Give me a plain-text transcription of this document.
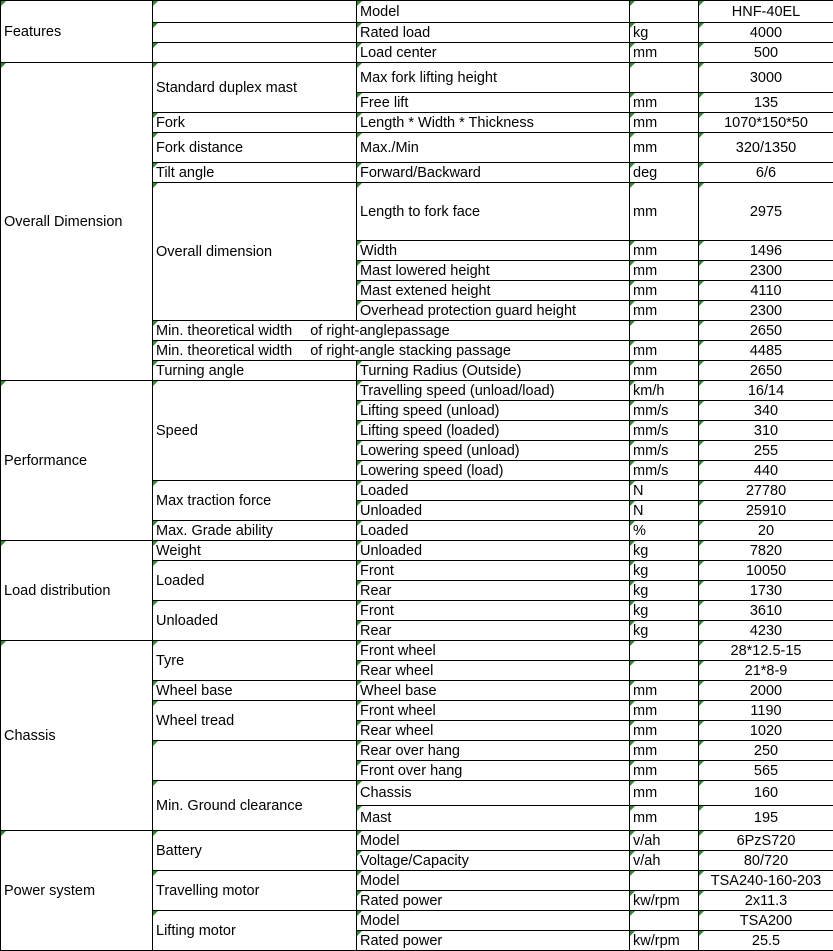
Features		Model		HNF-40EL
		Rated load	kg	4000
		Load center	mm	500
Overall Dimension	Standard duplex mast	Max fork lifting height		3000
		Free lift	mm	135
	Fork	Length * Width * Thickness	mm	1070*150*50
	Fork distance	Max./Min	mm	320/1350
	Tilt angle	Forward/Backward	deg	6/6
	Overall dimension	Length to fork face	mm	2975
		Width	mm	1496
		Mast lowered height	mm	2300
		Mast extened height	mm	4110
		Overhead protection guard height	mm	2300
	Min. theoretical width of right-anglepassage			2650
	Min. theoretical width of right-angle stacking passage		mm	4485
	Turning angle	Turning Radius (Outside)	mm	2650
Performance	Speed	Travelling speed (unload/load)	km/h	16/14
		Lifting speed (unload)	mm/s	340
		Lifting speed (loaded)	mm/s	310
		Lowering speed (unload)	mm/s	255
		Lowering speed (load)	mm/s	440
	Max traction force	Loaded	N	27780
		Unloaded	N	25910
	Max. Grade ability	Loaded	%	20
Load distribution	Weight	Unloaded	kg	7820
	Loaded	Front	kg	10050
		Rear	kg	1730
	Unloaded	Front	kg	3610
		Rear	kg	4230
Chassis	Tyre	Front wheel		28*12.5-15
		Rear wheel		21*8-9
	Wheel base	Wheel base	mm	2000
	Wheel tread	Front wheel	mm	1190
		Rear wheel	mm	1020
		Rear over hang	mm	250
		Front over hang	mm	565
	Min. Ground clearance	Chassis	mm	160
		Mast	mm	195
Power system	Battery	Model	v/ah	6PzS720
		Voltage/Capacity	v/ah	80/720
	Travelling motor	Model		TSA240-160-203
		Rated power	kw/rpm	2x11.3
	Lifting motor	Model		TSA200
		Rated power	kw/rpm	25.5
